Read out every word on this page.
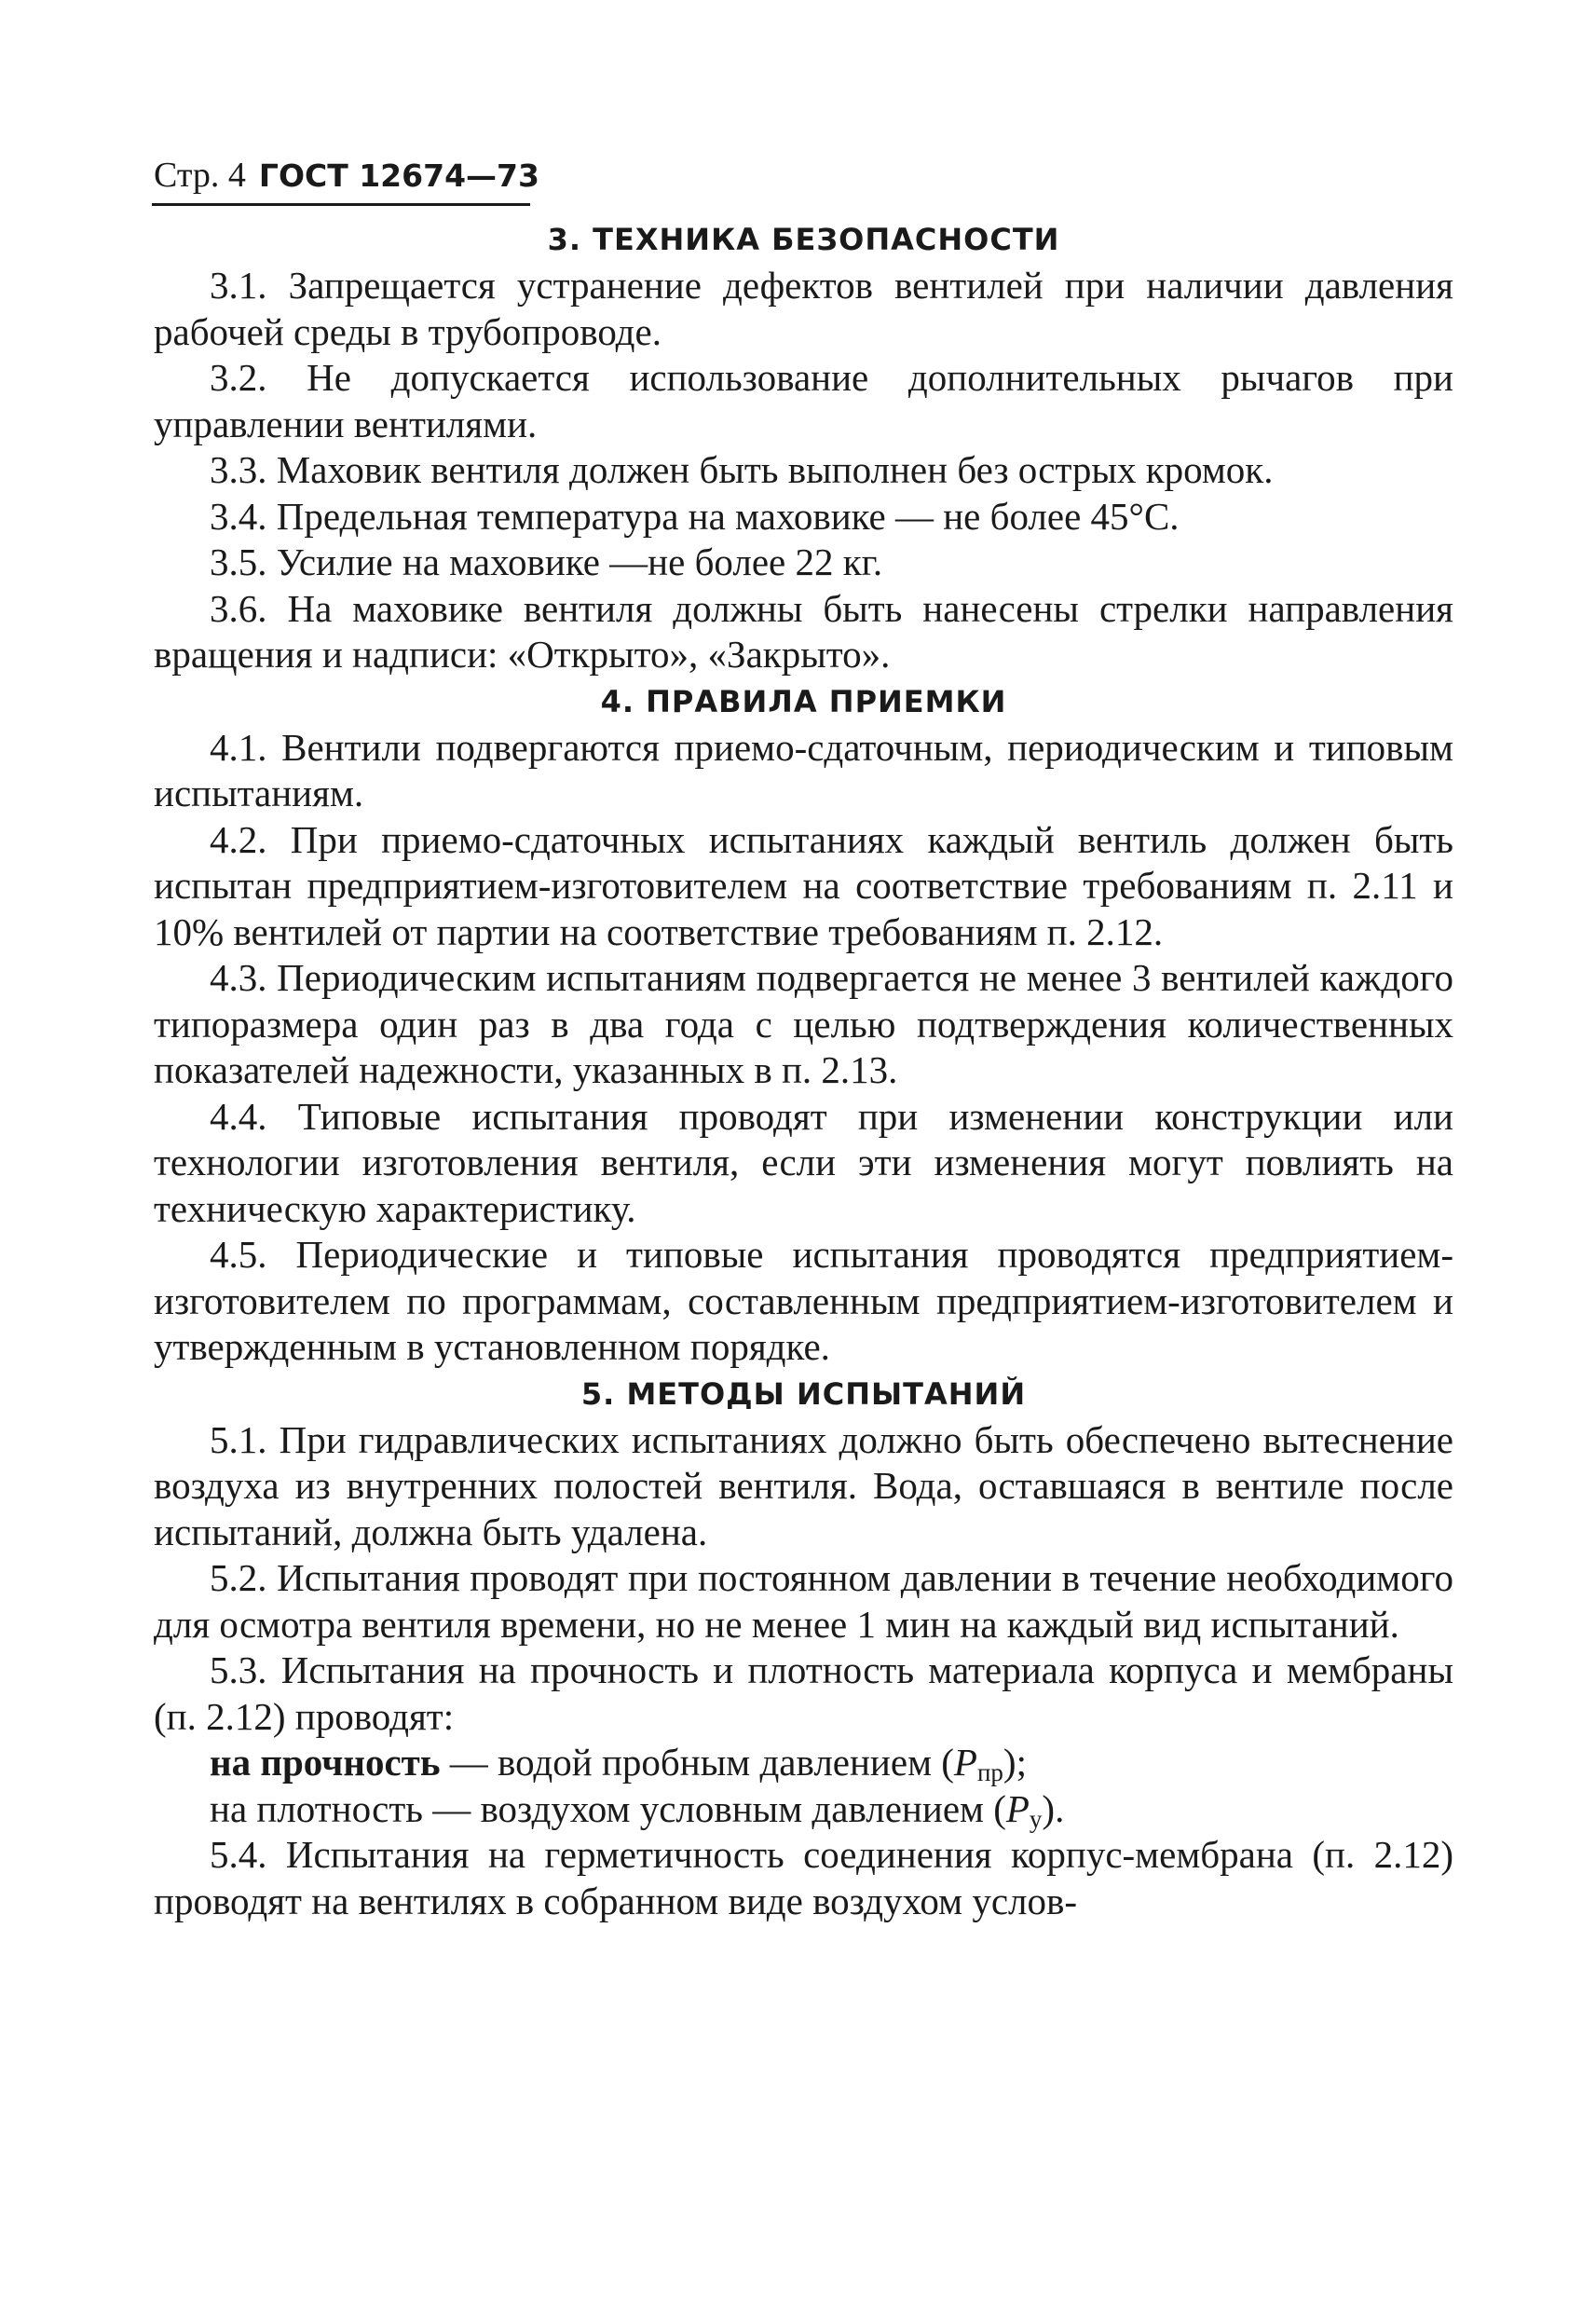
Стр. 4 ГОСТ 12674—73
3. ТЕХНИКА БЕЗОПАСНОСТИ

3.1. Запрещается устранение дефектов вентилей при наличии давления рабочей среды в трубопроводе.

3.2. Не допускается использование дополнительных рычагов при управлении вентилями.

3.3. Маховик вентиля должен быть выполнен без острых кромок.

3.4. Предельная температура на маховике — не более 45°С.

3.5. Усилие на маховике —не более 22 кг.

3.6. На маховике вентиля должны быть нанесены стрелки направления вращения и надписи: «Открыто», «Закрыто».

4. ПРАВИЛА ПРИЕМКИ

4.1. Вентили подвергаются приемо-сдаточным, периодическим и типовым испытаниям.

4.2. При приемо-сдаточных испытаниях каждый вентиль должен быть испытан предприятием-изготовителем на соответствие требованиям п. 2.11 и 10% вентилей от партии на соответствие требованиям п. 2.12.

4.3. Периодическим испытаниям подвергается не менее 3 вентилей каждого типоразмера один раз в два года с целью подтверждения количественных показателей надежности, указанных в п. 2.13.

4.4. Типовые испытания проводят при изменении конструкции или технологии изготовления вентиля, если эти изменения могут повлиять на техническую характеристику.

4.5. Периодические и типовые испытания проводятся предприятием-изготовителем по программам, составленным предприятием-изготовителем и утвержденным в установленном порядке.

5. МЕТОДЫ ИСПЫТАНИЙ

5.1. При гидравлических испытаниях должно быть обеспечено вытеснение воздуха из внутренних полостей вентиля. Вода, оставшаяся в вентиле после испытаний, должна быть удалена.

5.2. Испытания проводят при постоянном давлении в течение необходимого для осмотра вентиля времени, но не менее 1 мин на каждый вид испытаний.

5.3. Испытания на прочность и плотность материала корпуса и мембраны (п. 2.12) проводят:

на прочность — водой пробным давлением $(P_{пр})$;

на плотность — воздухом условным давлением $(P_у)$.

5.4. Испытания на герметичность соединения корпус-мембрана (п. 2.12) проводят на вентилях в собранном виде воздухом услов-
